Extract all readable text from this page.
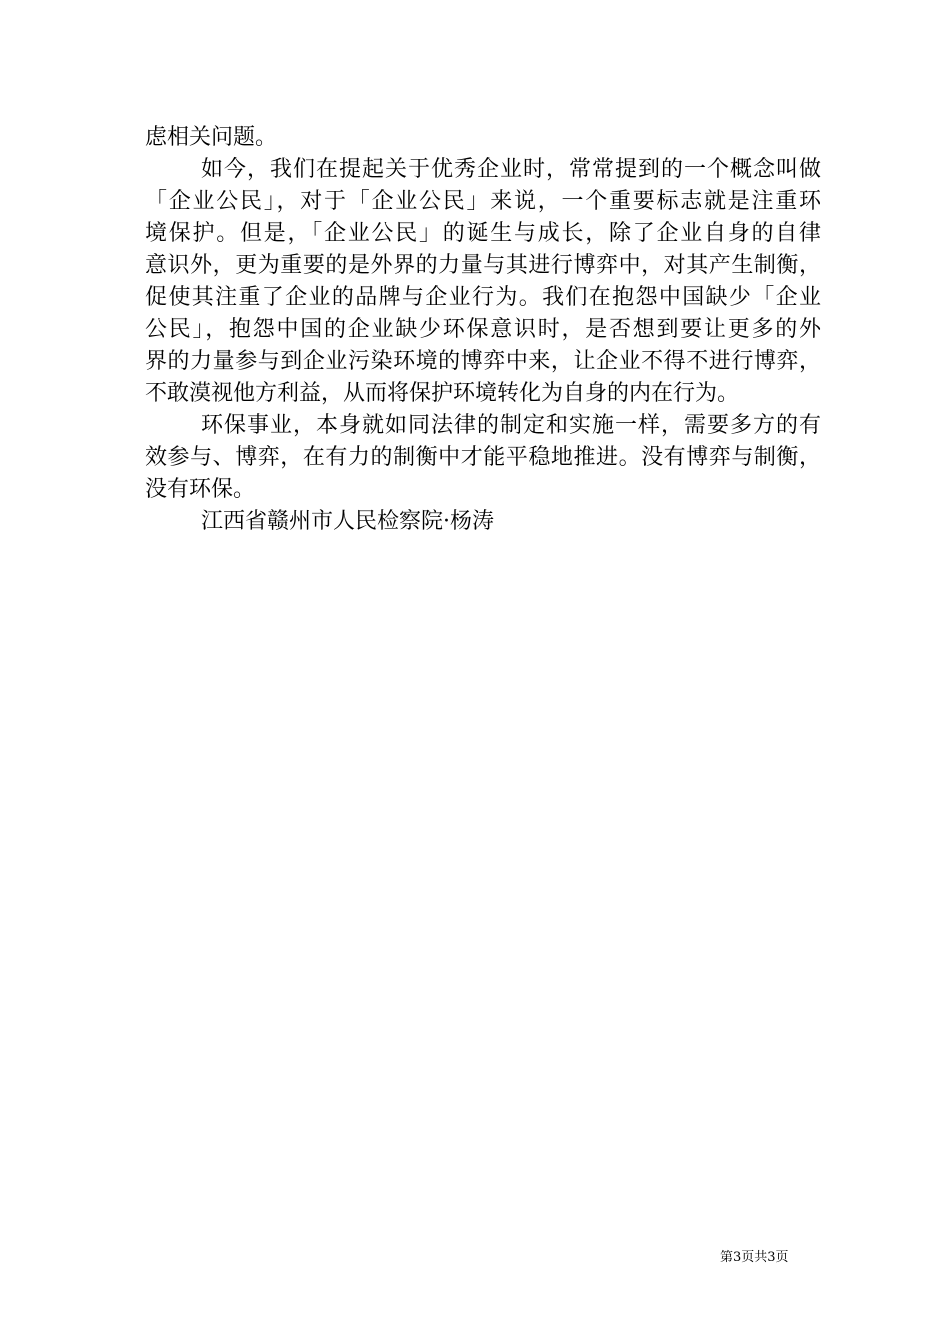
虑相关问题。

如今，我们在提起关于优秀企业时，常常提到的一个概念叫做

「企业公民」，对于「企业公民」来说，一个重要标志就是注重环

境保护。但是，「企业公民」的诞生与成长，除了企业自身的自律

意识外，更为重要的是外界的力量与其进行博弈中，对其产生制衡，

促使其注重了企业的品牌与企业行为。我们在抱怨中国缺少「企业

公民」，抱怨中国的企业缺少环保意识时，是否想到要让更多的外

界的力量参与到企业污染环境的博弈中来，让企业不得不进行博弈，

不敢漠视他方利益，从而将保护环境转化为自身的内在行为。

环保事业，本身就如同法律的制定和实施一样，需要多方的有

效参与、博弈，在有力的制衡中才能平稳地推进。没有博弈与制衡，

没有环保。

江西省赣州市人民检察院·杨涛
第3页共3页
